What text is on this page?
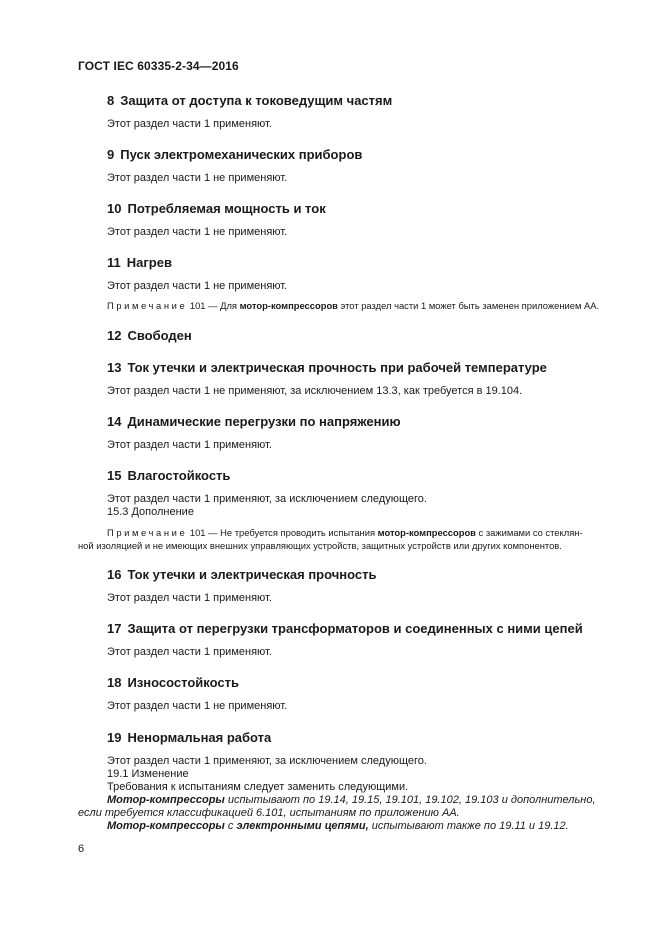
ГОСТ IEC 60335-2-34—2016
8 Защита от доступа к токоведущим частям

Этот раздел части 1 применяют.

9 Пуск электромеханических приборов

Этот раздел части 1 не применяют.

10 Потребляемая мощность и ток

Этот раздел части 1 не применяют.

11 Нагрев

Этот раздел части 1 не применяют.

Примечание 101 — Для мотор-компрессоров этот раздел части 1 может быть заменен приложением АА.

12 Свободен
13 Ток утечки и электрическая прочность при рабочей температуре

Этот раздел части 1 не применяют, за исключением 13.3, как требуется в 19.104.

14 Динамические перегрузки по напряжению

Этот раздел части 1 применяют.

15 Влагостойкость

Этот раздел части 1 применяют, за исключением следующего.

15.3 Дополнение

Примечание 101 — Не требуется проводить испытания мотор-компрессоров с зажимами со стеклян-
ной изоляцией и не имеющих внешних управляющих устройств, защитных устройств или других компонентов.

16 Ток утечки и электрическая прочность

Этот раздел части 1 применяют.

17 Защита от перегрузки трансформаторов и соединенных с ними цепей

Этот раздел части 1 применяют.

18 Износостойкость

Этот раздел части 1 не применяют.

19 Ненормальная работа

Этот раздел части 1 применяют, за исключением следующего.

19.1 Изменение

Требования к испытаниям следует заменить следующими.

Мотор-компрессоры испытывают по 19.14, 19.15, 19.101, 19.102, 19.103 и дополнительно,
если требуется классификацией 6.101, испытаниям по приложению АА.

Мотор-компрессоры с электронными цепями, испытывают также по 19.11 и 19.12.

6
